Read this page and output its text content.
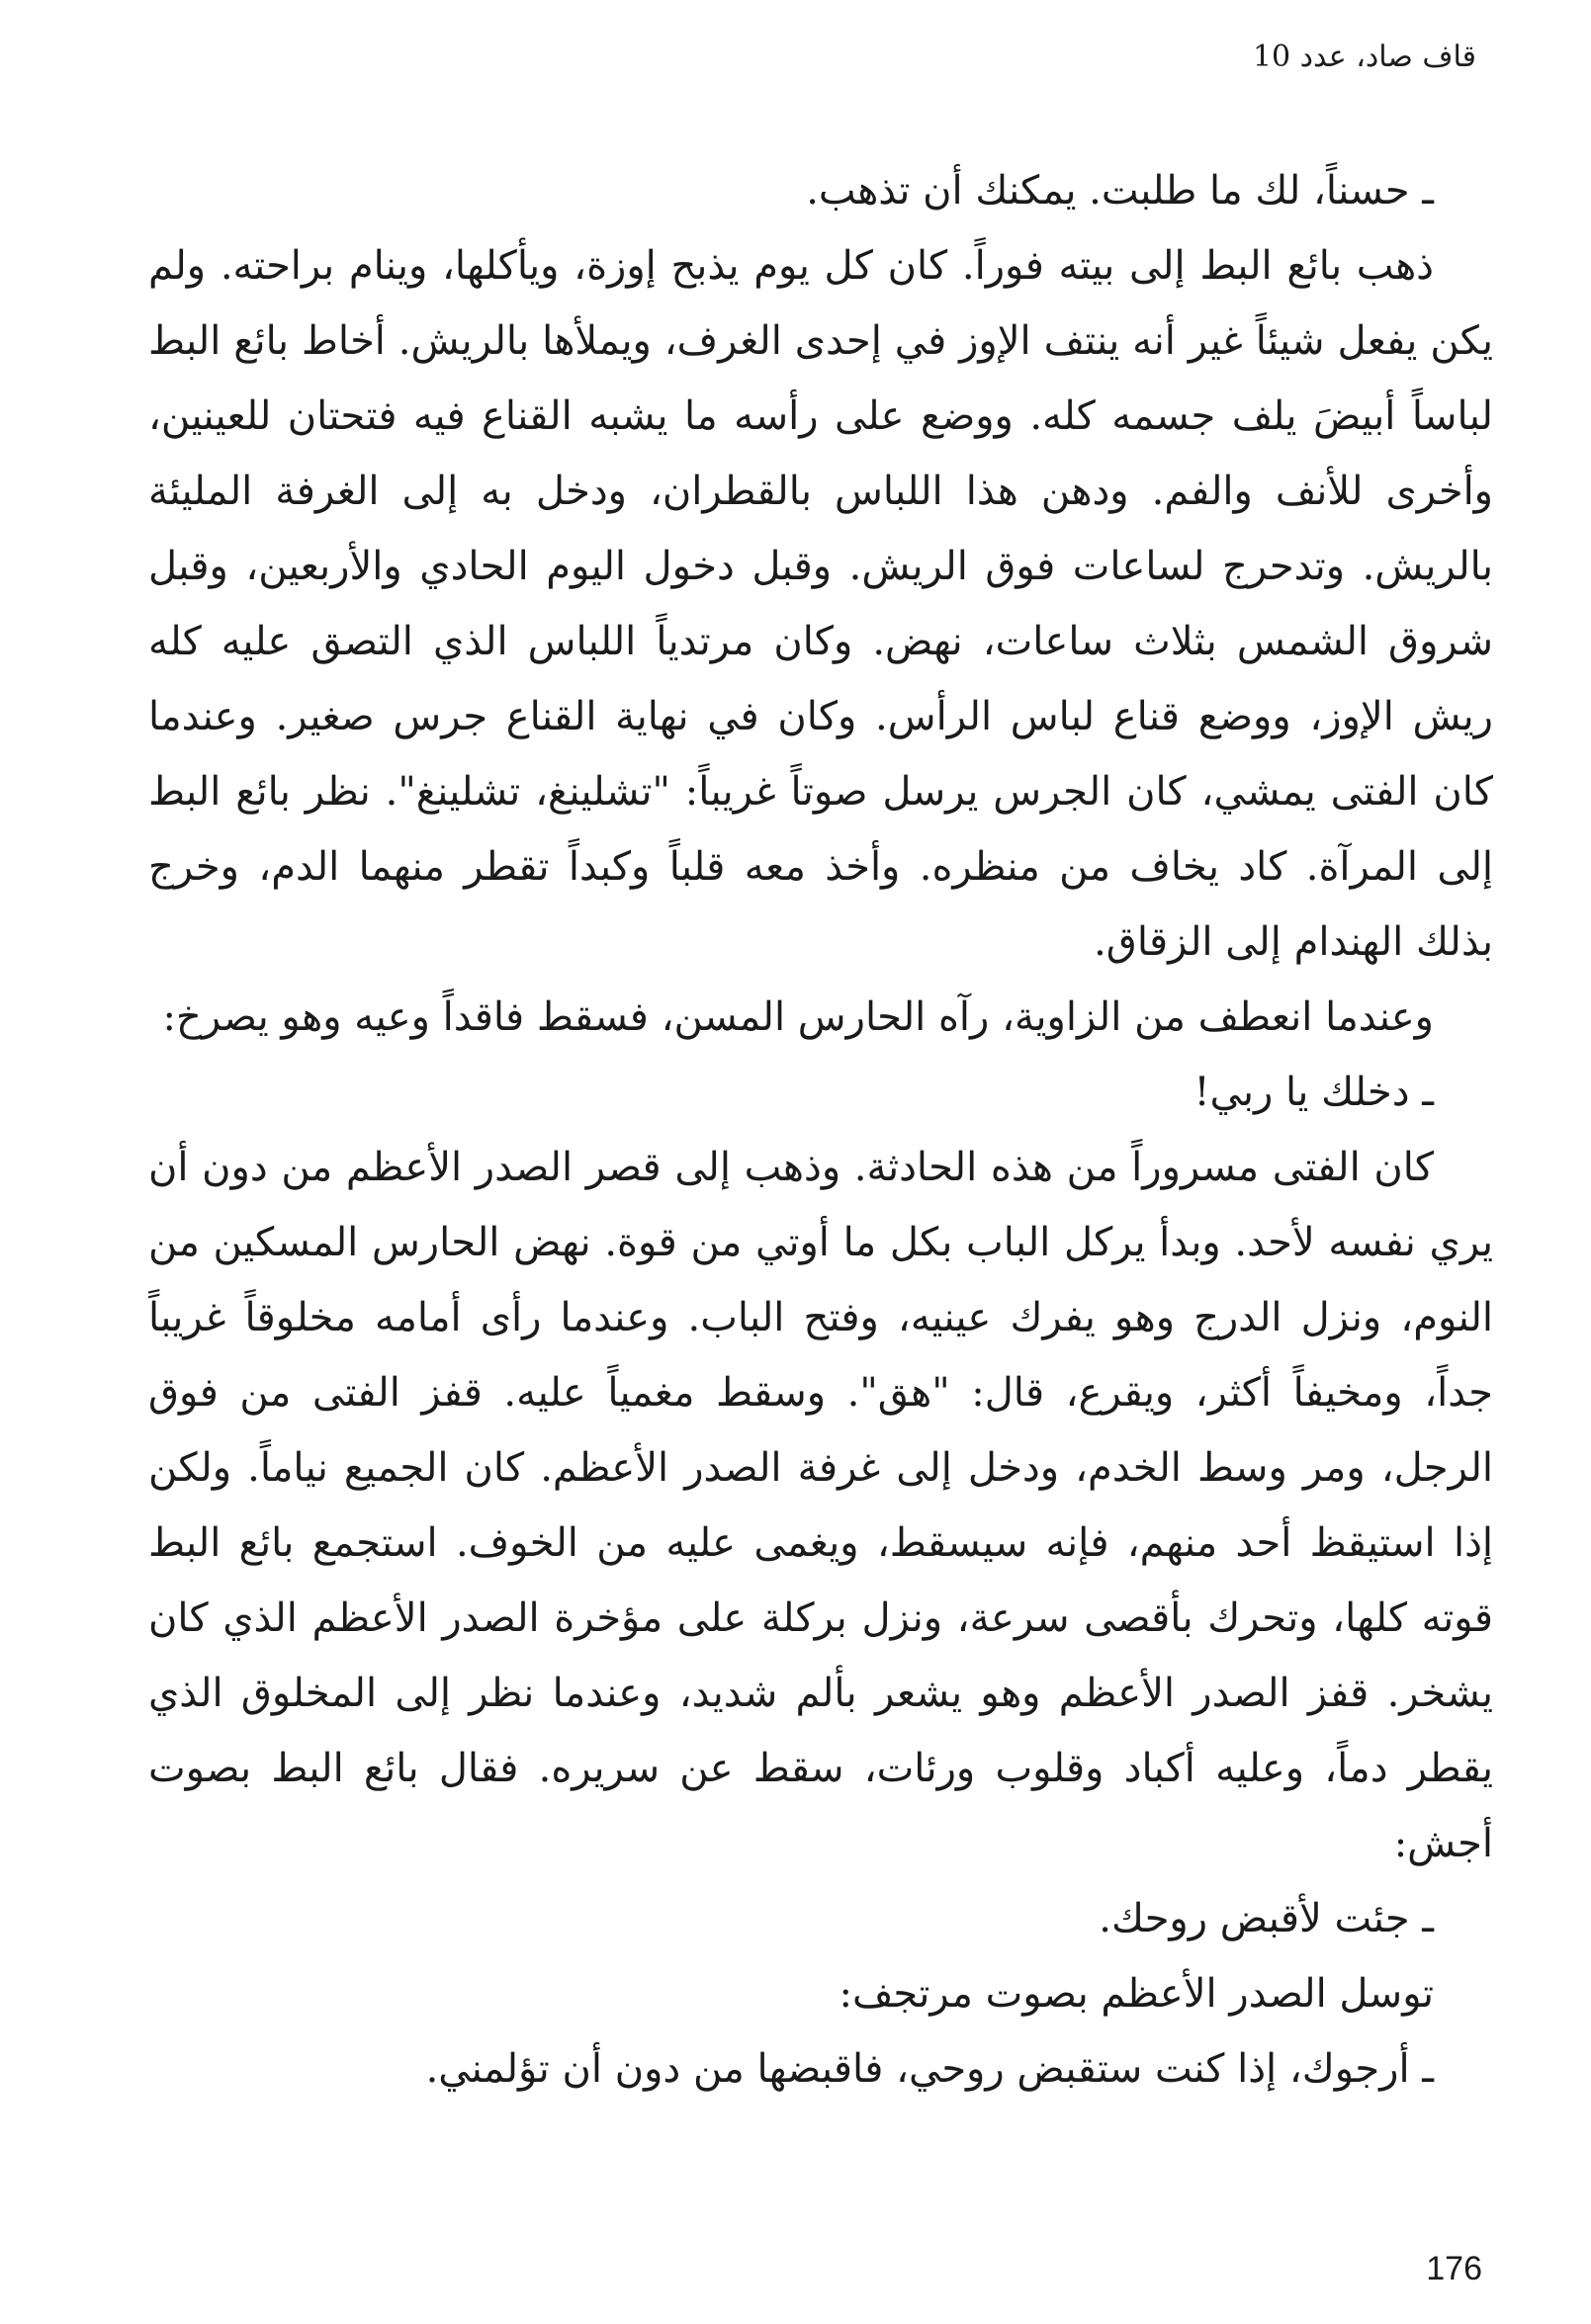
قاف صاد، عدد 10

ـ حسناً، لك ما طلبت. يمكنك أن تذهب.

ذهب بائع البط إلى بيته فوراً. كان كل يوم يذبح إوزة، ويأكلها، وينام براحته. ولم يكن يفعل شيئاً غير أنه ينتف الإوز في إحدى الغرف، ويملأها بالريش. أخاط بائع البط لباساً أبيضَ يلف جسمه كله. ووضع على رأسه ما يشبه القناع فيه فتحتان للعينين، وأخرى للأنف والفم. ودهن هذا اللباس بالقطران، ودخل به إلى الغرفة المليئة بالريش. وتدحرج لساعات فوق الريش. وقبل دخول اليوم الحادي والأربعين، وقبل شروق الشمس بثلاث ساعات، نهض. وكان مرتدياً اللباس الذي التصق عليه كله ريش الإوز، ووضع قناع لباس الرأس. وكان في نهاية القناع جرس صغير. وعندما كان الفتى يمشي، كان الجرس يرسل صوتاً غريباً: "تشلينغ، تشلينغ". نظر بائع البط إلى المرآة. كاد يخاف من منظره. وأخذ معه قلباً وكبداً تقطر منهما الدم، وخرج بذلك الهندام إلى الزقاق.

وعندما انعطف من الزاوية، رآه الحارس المسن، فسقط فاقداً وعيه وهو يصرخ:

ـ دخلك يا ربي!

كان الفتى مسروراً من هذه الحادثة. وذهب إلى قصر الصدر الأعظم من دون أن يري نفسه لأحد. وبدأ يركل الباب بكل ما أوتي من قوة. نهض الحارس المسكين من النوم، ونزل الدرج وهو يفرك عينيه، وفتح الباب. وعندما رأى أمامه مخلوقاً غريباً جداً، ومخيفاً أكثر، ويقرع، قال: "هق". وسقط مغمياً عليه. قفز الفتى من فوق الرجل، ومر وسط الخدم، ودخل إلى غرفة الصدر الأعظم. كان الجميع نياماً. ولكن إذا استيقظ أحد منهم، فإنه سيسقط، ويغمى عليه من الخوف. استجمع بائع البط قوته كلها، وتحرك بأقصى سرعة، ونزل بركلة على مؤخرة الصدر الأعظم الذي كان يشخر. قفز الصدر الأعظم وهو يشعر بألم شديد، وعندما نظر إلى المخلوق الذي يقطر دماً، وعليه أكباد وقلوب ورئات، سقط عن سريره. فقال بائع البط بصوت أجش:

ـ جئت لأقبض روحك.

توسل الصدر الأعظم بصوت مرتجف:

ـ أرجوك، إذا كنت ستقبض روحي، فاقبضها من دون أن تؤلمني.

176
